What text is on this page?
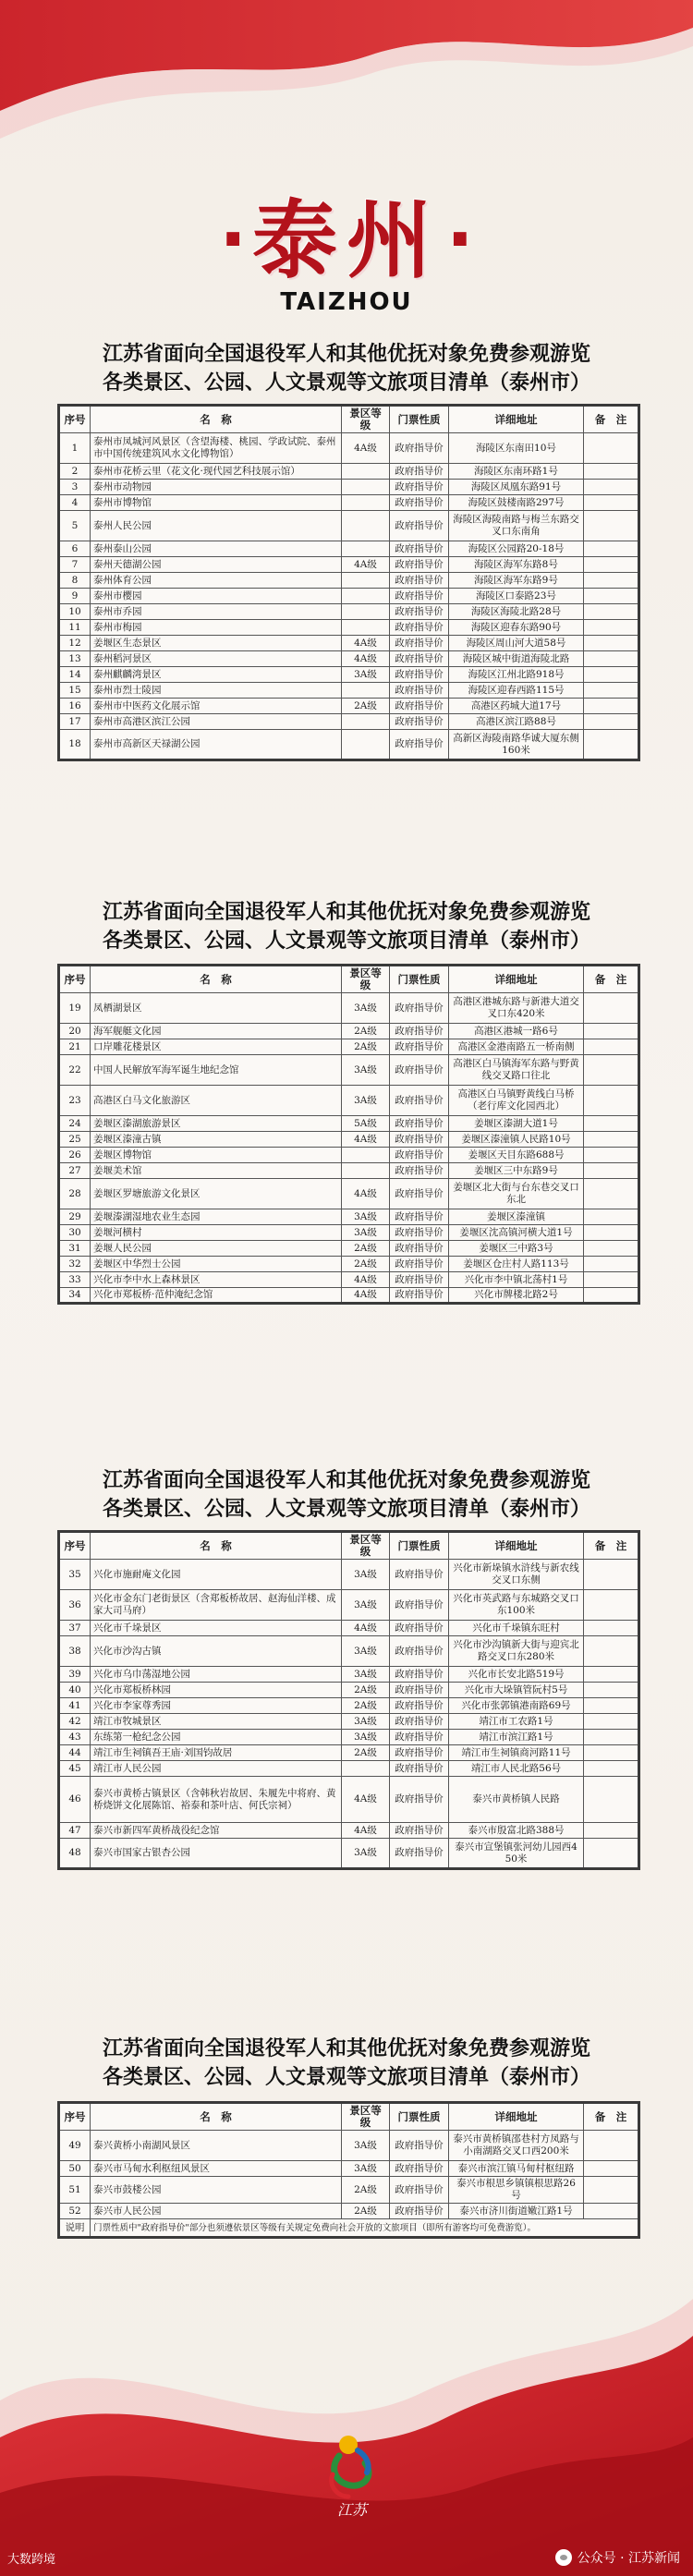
· 泰州 ·
TAIZHOU
江苏省面向全国退役军人和其他优抚对象免费参观游览
各类景区、公园、人文景观等文旅项目清单（泰州市）
序号	名　称	景区等级	门票性质	详细地址	备　注
1	泰州市凤城河风景区（含望海楼、桃园、学政试院、泰州市中国传统建筑风水文化博物馆）	4A级	政府指导价	海陵区东南田10号	
2	泰州市花桥云里（花文化·现代园艺科技展示馆）		政府指导价	海陵区东南环路1号	
3	泰州市动物园		政府指导价	海陵区凤凰东路91号	
4	泰州市博物馆		政府指导价	海陵区鼓楼南路297号	
5	泰州人民公园		政府指导价	海陵区海陵南路与梅兰东路交叉口东南角	
6	泰州泰山公园		政府指导价	海陵区公园路20-18号	
7	泰州天德湖公园	4A级	政府指导价	海陵区海军东路8号	
8	泰州体育公园		政府指导价	海陵区海军东路9号	
9	泰州市樱园		政府指导价	海陵区口泰路23号	
10	泰州市乔园		政府指导价	海陵区海陵北路28号	
11	泰州市梅园		政府指导价	海陵区迎春东路90号	
12	姜堰区生态景区	4A级	政府指导价	海陵区周山河大道58号	
13	泰州稻河景区	4A级	政府指导价	海陵区城中街道海陵北路	
14	泰州麒麟湾景区	3A级	政府指导价	海陵区江州北路918号	
15	泰州市烈士陵园		政府指导价	海陵区迎春西路115号	
16	泰州市中医药文化展示馆	2A级	政府指导价	高港区药城大道17号	
17	泰州市高港区滨江公园		政府指导价	高港区滨江路88号	
18	泰州市高新区天禄湖公园		政府指导价	高新区海陵南路华诚大厦东侧160米	
江苏省面向全国退役军人和其他优抚对象免费参观游览
各类景区、公园、人文景观等文旅项目清单（泰州市）
序号	名　称	景区等级	门票性质	详细地址	备　注
19	凤栖湖景区	3A级	政府指导价	高港区港城东路与新港大道交叉口东420米	
20	海军舰艇文化园	2A级	政府指导价	高港区港城一路6号	
21	口岸雕花楼景区	2A级	政府指导价	高港区金港南路五一桥南侧	
22	中国人民解放军海军诞生地纪念馆	3A级	政府指导价	高港区白马镇海军东路与野黄线交叉路口往北	
23	高港区白马文化旅游区	3A级	政府指导价	高港区白马镇野黄线白马桥（老行库文化园西北）	
24	姜堰区溱湖旅游景区	5A级	政府指导价	姜堰区溱湖大道1号	
25	姜堰区溱潼古镇	4A级	政府指导价	姜堰区溱潼镇人民路10号	
26	姜堰区博物馆		政府指导价	姜堰区天目东路688号	
27	姜堰美术馆		政府指导价	姜堰区三中东路9号	
28	姜堰区罗塘旅游文化景区	4A级	政府指导价	姜堰区北大街与台东巷交叉口东北	
29	姜堰溱湖湿地农业生态园	3A级	政府指导价	姜堰区溱潼镇	
30	姜堰河横村	3A级	政府指导价	姜堰区沈高镇河横大道1号	
31	姜堰人民公园	2A级	政府指导价	姜堰区三中路3号	
32	姜堰区中华烈士公园	2A级	政府指导价	姜堰区仓庄村人路113号	
33	兴化市李中水上森林景区	4A级	政府指导价	兴化市李中镇北荡村1号	
34	兴化市郑板桥·范仲淹纪念馆	4A级	政府指导价	兴化市牌楼北路2号	
江苏省面向全国退役军人和其他优抚对象免费参观游览
各类景区、公园、人文景观等文旅项目清单（泰州市）
序号	名　称	景区等级	门票性质	详细地址	备　注
35	兴化市施耐庵文化园	3A级	政府指导价	兴化市新垛镇水浒线与新农线交叉口东侧	
36	兴化市金东门老街景区（含郑板桥故居、赵海仙洋楼、成家大司马府）	3A级	政府指导价	兴化市英武路与东城路交叉口东100米	
37	兴化市千垛景区	4A级	政府指导价	兴化市千垛镇东旺村	
38	兴化市沙沟古镇	3A级	政府指导价	兴化市沙沟镇新大街与迎宾北路交叉口东280米	
39	兴化市乌巾荡湿地公园	3A级	政府指导价	兴化市长安北路519号	
40	兴化市郑板桥林园	2A级	政府指导价	兴化市大垛镇管阮村5号	
41	兴化市李家尊秀园	2A级	政府指导价	兴化市张郭镇港南路69号	
42	靖江市牧城景区	3A级	政府指导价	靖江市工农路1号	
43	东练第一枪纪念公园	3A级	政府指导价	靖江市滨江路1号	
44	靖江市生祠镇吾王庙·刘国钧故居	2A级	政府指导价	靖江市生祠镇商河路11号	
45	靖江市人民公园		政府指导价	靖江市人民北路56号	
46	泰兴市黄桥古镇景区（含韩秋岩故居、朱履先中将府、黄桥烧饼文化展陈馆、裕泰和茶叶店、何氏宗祠）	4A级	政府指导价	泰兴市黄桥镇人民路	
47	泰兴市新四军黄桥战役纪念馆	4A级	政府指导价	泰兴市殷富北路388号	
48	泰兴市国家古银杏公园	3A级	政府指导价	泰兴市宣堡镇张河幼儿园西450米	
江苏省面向全国退役军人和其他优抚对象免费参观游览
各类景区、公园、人文景观等文旅项目清单（泰州市）
序号	名　称	景区等级	门票性质	详细地址	备　注
49	泰兴黄桥小南湖风景区	3A级	政府指导价	泰兴市黄桥镇邵巷村方凤路与小南湖路交叉口西200米	
50	泰兴市马甸水利枢纽风景区	3A级	政府指导价	泰兴市滨江镇马甸村枢纽路	
51	泰兴市鼓楼公园	2A级	政府指导价	泰兴市根思乡镇镇根思路26号	
52	泰兴市人民公园	2A级	政府指导价	泰兴市济川街道嫩江路1号	
说明	门票性质中"政府指导价"部分也须遵依景区等级有关规定免费向社会开放的文旅项目（即所有游客均可免费游览）。				
江苏
大数跨境	公众号 · 江苏新闻
